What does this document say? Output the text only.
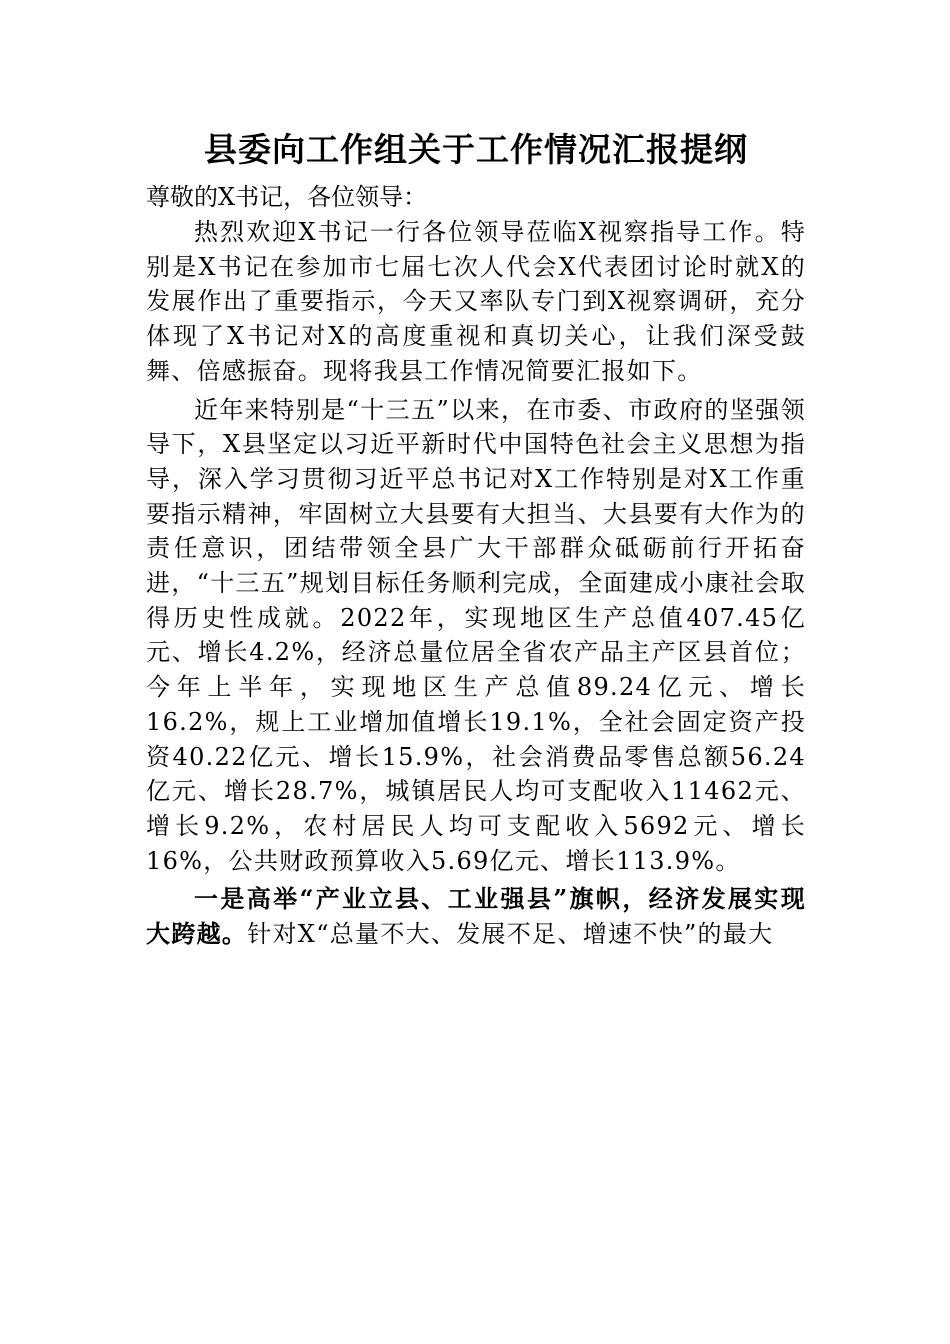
县委向工作组关于工作情况汇报提纲

尊敬的X书记，各位领导：

热烈欢迎X书记一行各位领导莅临X视察指导工作。特别是X书记在参加市七届七次人代会X代表团讨论时就X的发展作出了重要指示，今天又率队专门到X视察调研，充分体现了X书记对X的高度重视和真切关心，让我们深受鼓舞、倍感振奋。现将我县工作情况简要汇报如下。

近年来特别是“十三五”以来，在市委、市政府的坚强领导下，X县坚定以习近平新时代中国特色社会主义思想为指导，深入学习贯彻习近平总书记对X工作特别是对X工作重要指示精神，牢固树立大县要有大担当、大县要有大作为的责任意识，团结带领全县广大干部群众砥砺前行开拓奋进，“十三五”规划目标任务顺利完成，全面建成小康社会取得历史性成就。2022年，实现地区生产总值407.45亿元、增长4.2%，经济总量位居全省农产品主产区县首位；今年上半年，实现地区生产总值89.24亿元、增长16.2%，规上工业增加值增长19.1%，全社会固定资产投资40.22亿元、增长15.9%，社会消费品零售总额56.24亿元、增长28.7%，城镇居民人均可支配收入11462元、增长9.2%，农村居民人均可支配收入5692元、增长16%，公共财政预算收入5.69亿元、增长113.9%。

一是高举“产业立县、工业强县”旗帜，经济发展实现大跨越。针对X“总量不大、发展不足、增速不快”的最大
